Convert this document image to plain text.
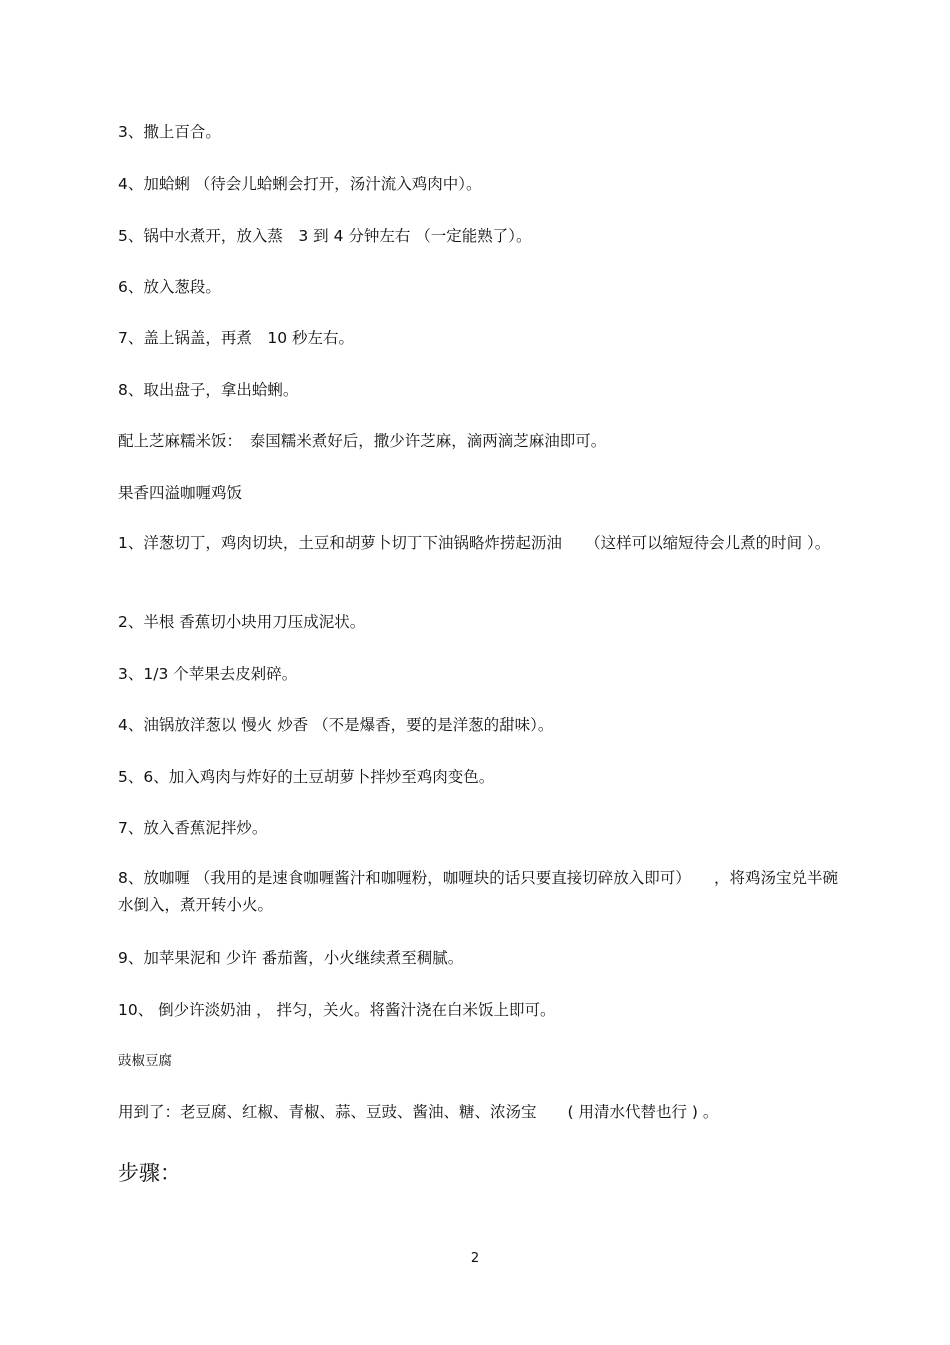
3、撒上百合。
4、加蛤蜊 （待会儿蛤蜊会打开，汤汁流入鸡肉中）。
5、锅中水煮开，放入蒸　3 到 4 分钟左右 （一定能熟了）。
6、放入葱段。
7、盖上锅盖，再煮　10 秒左右。
8、取出盘子，拿出蛤蜊。
配上芝麻糯米饭：　泰国糯米煮好后，撒少许芝麻，滴两滴芝麻油即可。
果香四溢咖喱鸡饭
1、洋葱切丁，鸡肉切块，土豆和胡萝卜切丁下油锅略炸捞起沥油　　（这样可以缩短待会儿煮的时间 ）。
2、半根 香蕉切小块用刀压成泥状。
3、1/3 个苹果去皮剁碎。
4、油锅放洋葱以 慢火 炒香 （不是爆香，要的是洋葱的甜味）。
5、6、加入鸡肉与炸好的土豆胡萝卜拌炒至鸡肉变色。
7、放入香蕉泥拌炒。
8、放咖喱 （我用的是速食咖喱酱汁和咖喱粉，咖喱块的话只要直接切碎放入即可）　　，将鸡汤宝兑半碗水倒入，煮开转小火。
9、加苹果泥和 少许 番茄酱，小火继续煮至稠腻。
10、 倒少许淡奶油 ， 拌匀，关火。将酱汁浇在白米饭上即可。
豉椒豆腐
用到了：老豆腐、红椒、青椒、蒜、豆豉、酱油、糖、浓汤宝　　( 用清水代替也行 ) 。
步骤：
2
